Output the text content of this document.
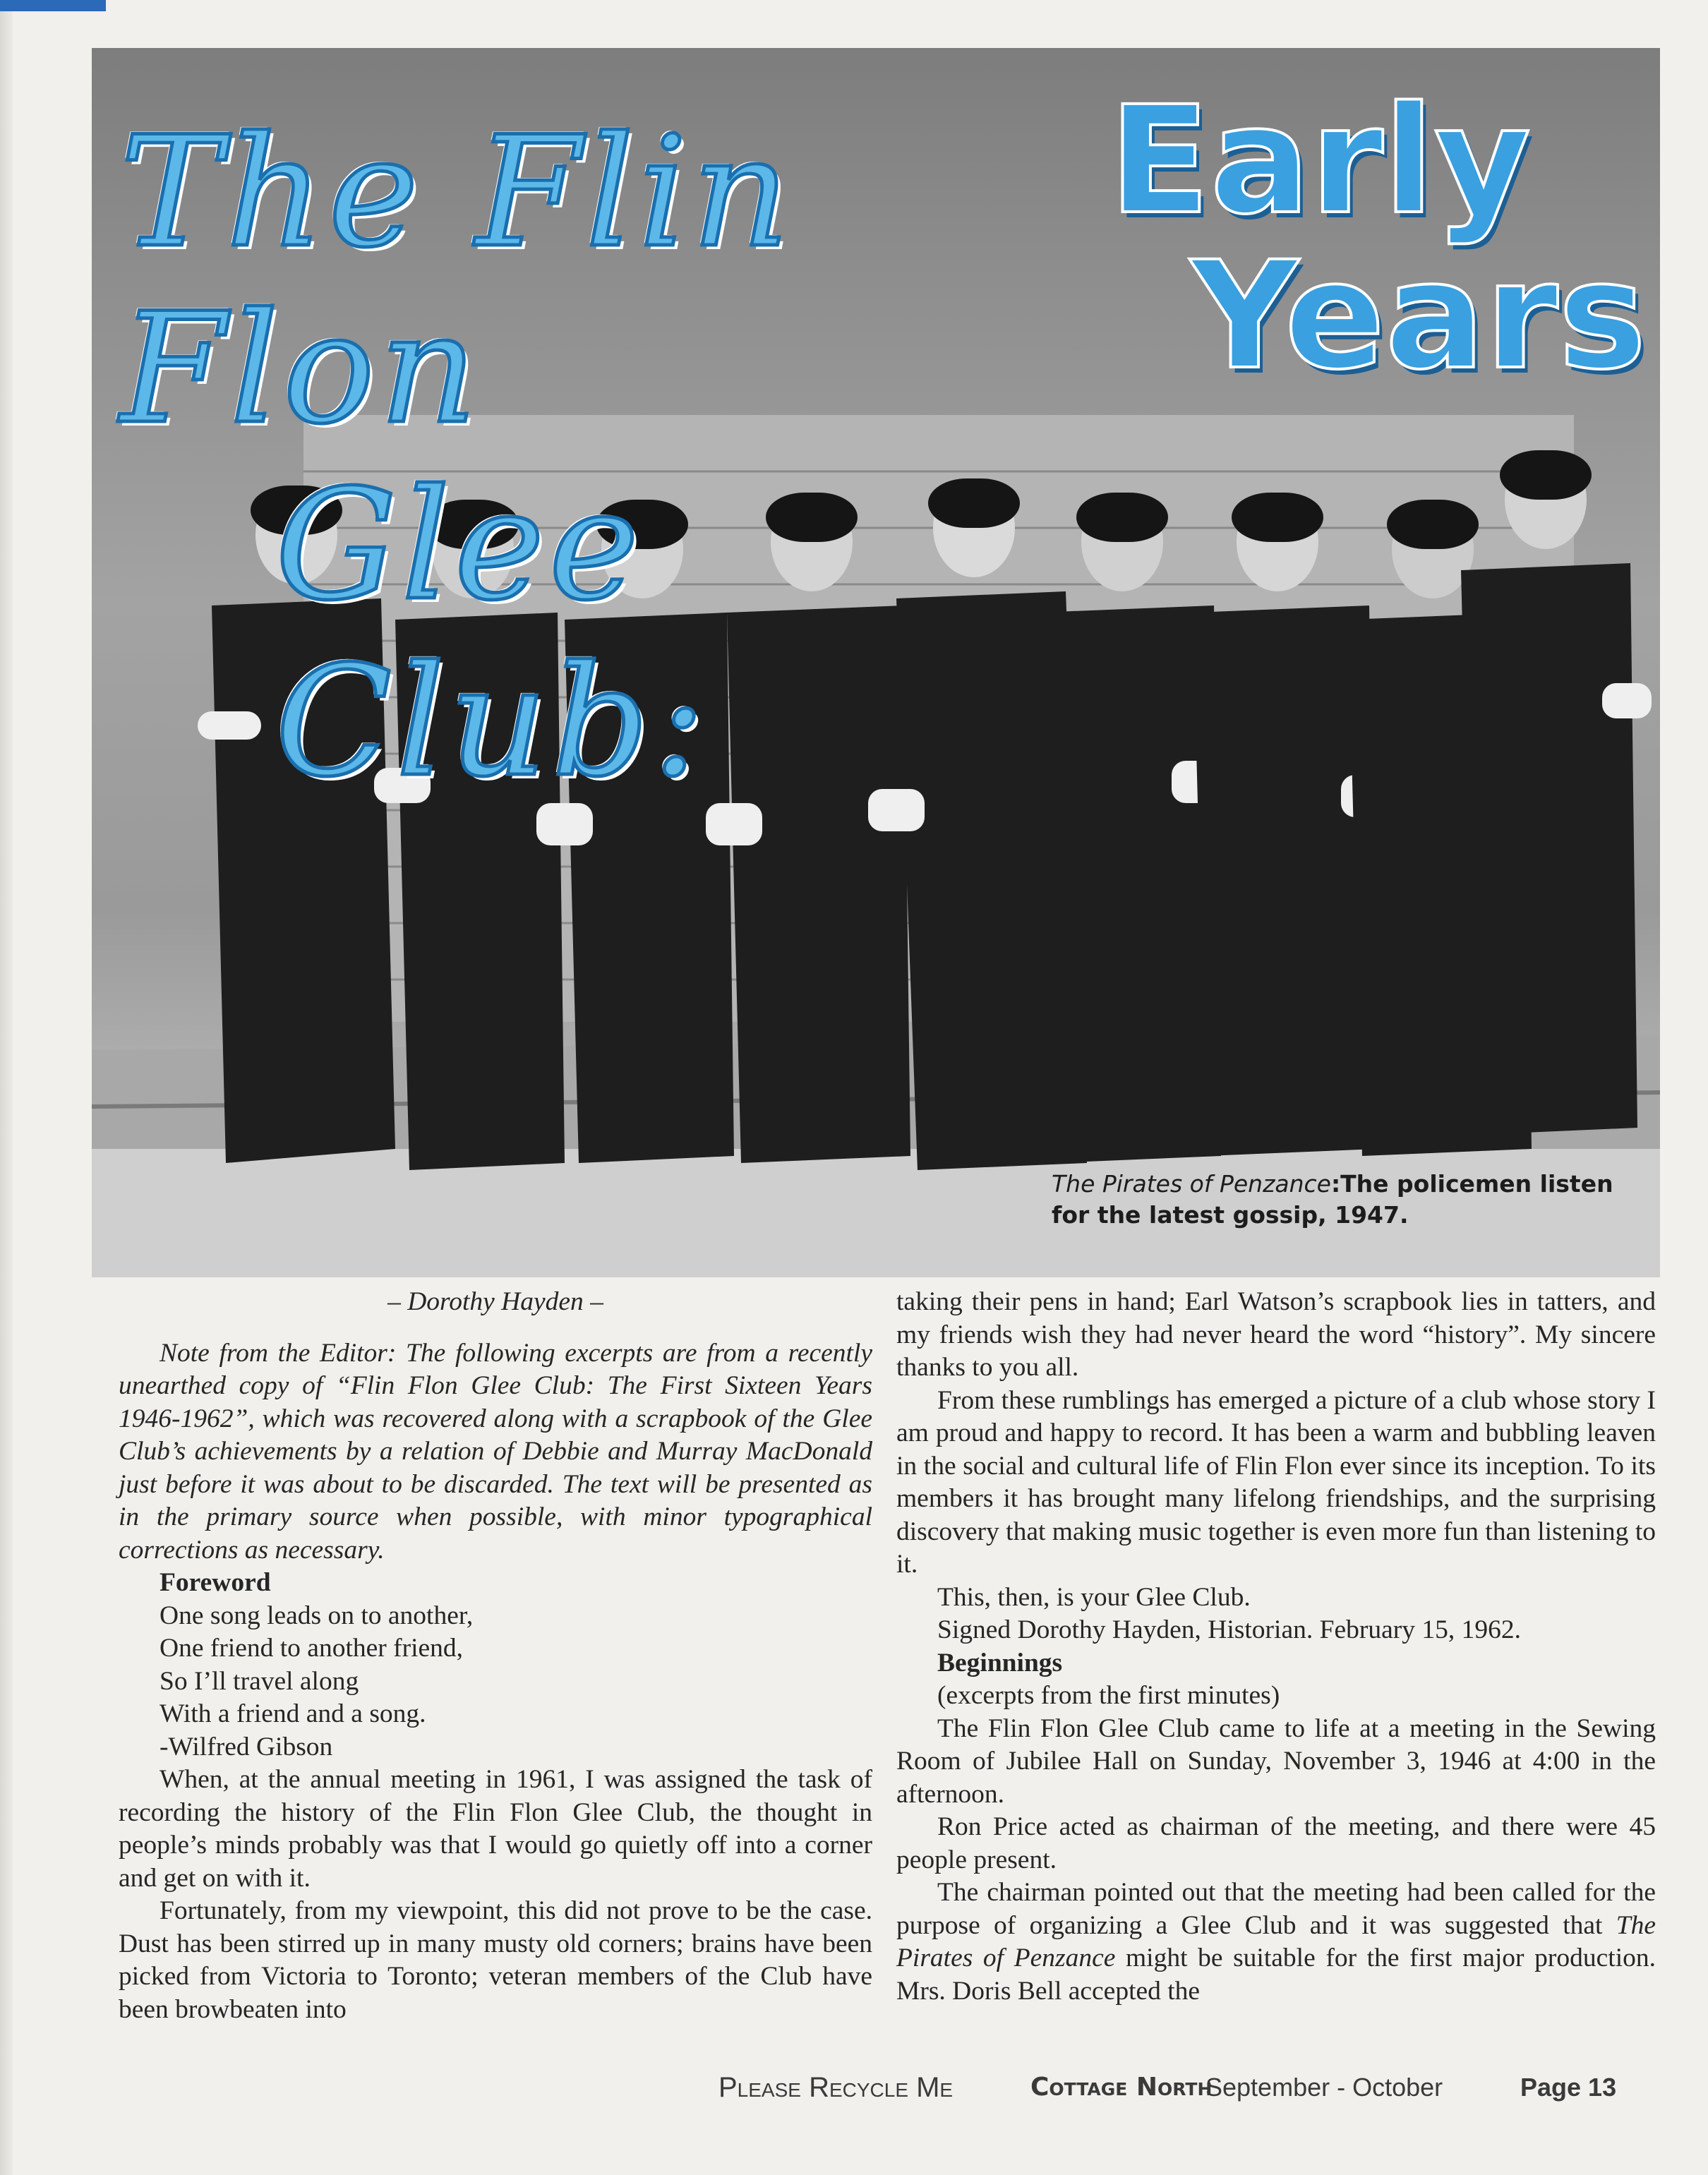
The Flin Flon
Glee Club:
Early
Years
The Pirates of Penzance:The policemen listen for the latest gossip, 1947.

– Dorothy Hayden –

Note from the Editor: The following excerpts are from a recently unearthed copy of “Flin Flon Glee Club: The First Sixteen Years 1946-1962”, which was recovered along with a scrapbook of the Glee Club’s achievements by a relation of Debbie and Murray MacDonald just before it was about to be discarded. The text will be presented as in the primary source when possible, with minor typographical corrections as necessary.

Foreword

One song leads on to another,

One friend to another friend,

So I’ll travel along

With a friend and a song.

-Wilfred Gibson

When, at the annual meeting in 1961, I was assigned the task of recording the history of the Flin Flon Glee Club, the thought in people’s minds probably was that I would go quietly off into a corner and get on with it.

Fortunately, from my viewpoint, this did not prove to be the case. Dust has been stirred up in many musty old corners; brains have been picked from Victoria to Toronto; veteran members of the Club have been browbeaten into

taking their pens in hand; Earl Watson’s scrapbook lies in tatters, and my friends wish they had never heard the word “history”. My sincere thanks to you all.

From these rumblings has emerged a picture of a club whose story I am proud and happy to record. It has been a warm and bubbling leaven in the social and cultural life of Flin Flon ever since its inception. To its members it has brought many lifelong friendships, and the surprising discovery that making music together is even more fun than listening to it.

This, then, is your Glee Club.

Signed Dorothy Hayden, Historian. February 15, 1962.

Beginnings

(excerpts from the first minutes)

The Flin Flon Glee Club came to life at a meeting in the Sewing Room of Jubilee Hall on Sunday, November 3, 1946 at 4:00 in the afternoon.

Ron Price acted as chairman of the meeting, and there were 45 people present.

The chairman pointed out that the meeting had been called for the purpose of organizing a Glee Club and it was suggested that The Pirates of Penzance might be suitable for the first major production. Mrs. Doris Bell accepted the

Please Recycle Me	Cottage North
September - October	Page 13
